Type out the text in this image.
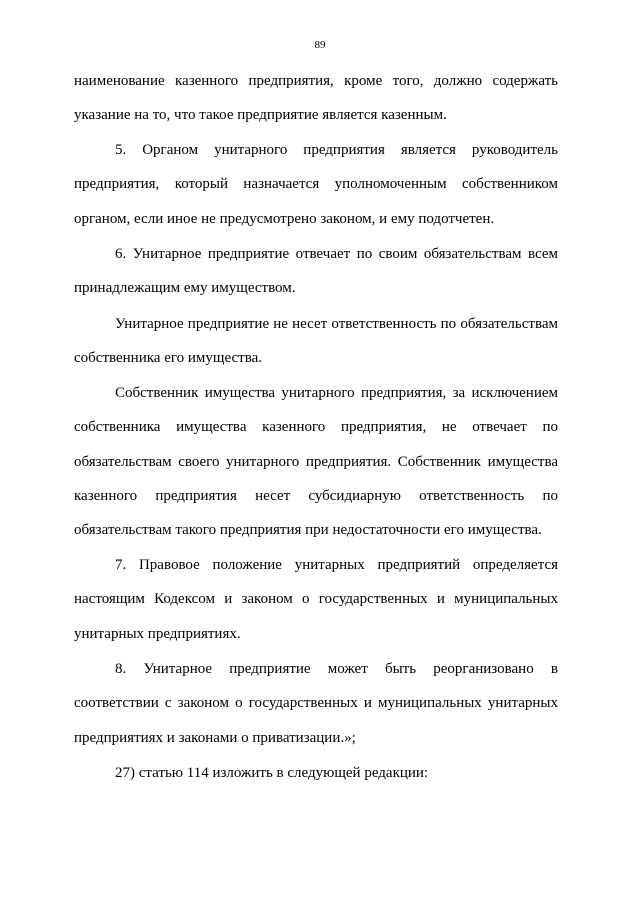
89
наименование казенного предприятия, кроме того, должно содержать указание на то, что такое предприятие является казенным.
5. Органом унитарного предприятия является руководитель предприятия, который назначается уполномоченным собственником органом, если иное не предусмотрено законом, и ему подотчетен.
6. Унитарное предприятие отвечает по своим обязательствам всем принадлежащим ему имуществом.
Унитарное предприятие не несет ответственность по обязательствам собственника его имущества.
Собственник имущества унитарного предприятия, за исключением собственника имущества казенного предприятия, не отвечает по обязательствам своего унитарного предприятия. Собственник имущества казенного предприятия несет субсидиарную ответственность по обязательствам такого предприятия при недостаточности его имущества.
7. Правовое положение унитарных предприятий определяется настоящим Кодексом и законом о государственных и муниципальных унитарных предприятиях.
8. Унитарное предприятие может быть реорганизовано в соответствии с законом о государственных и муниципальных унитарных предприятиях и законами о приватизации.»;
27) статью 114 изложить в следующей редакции:
